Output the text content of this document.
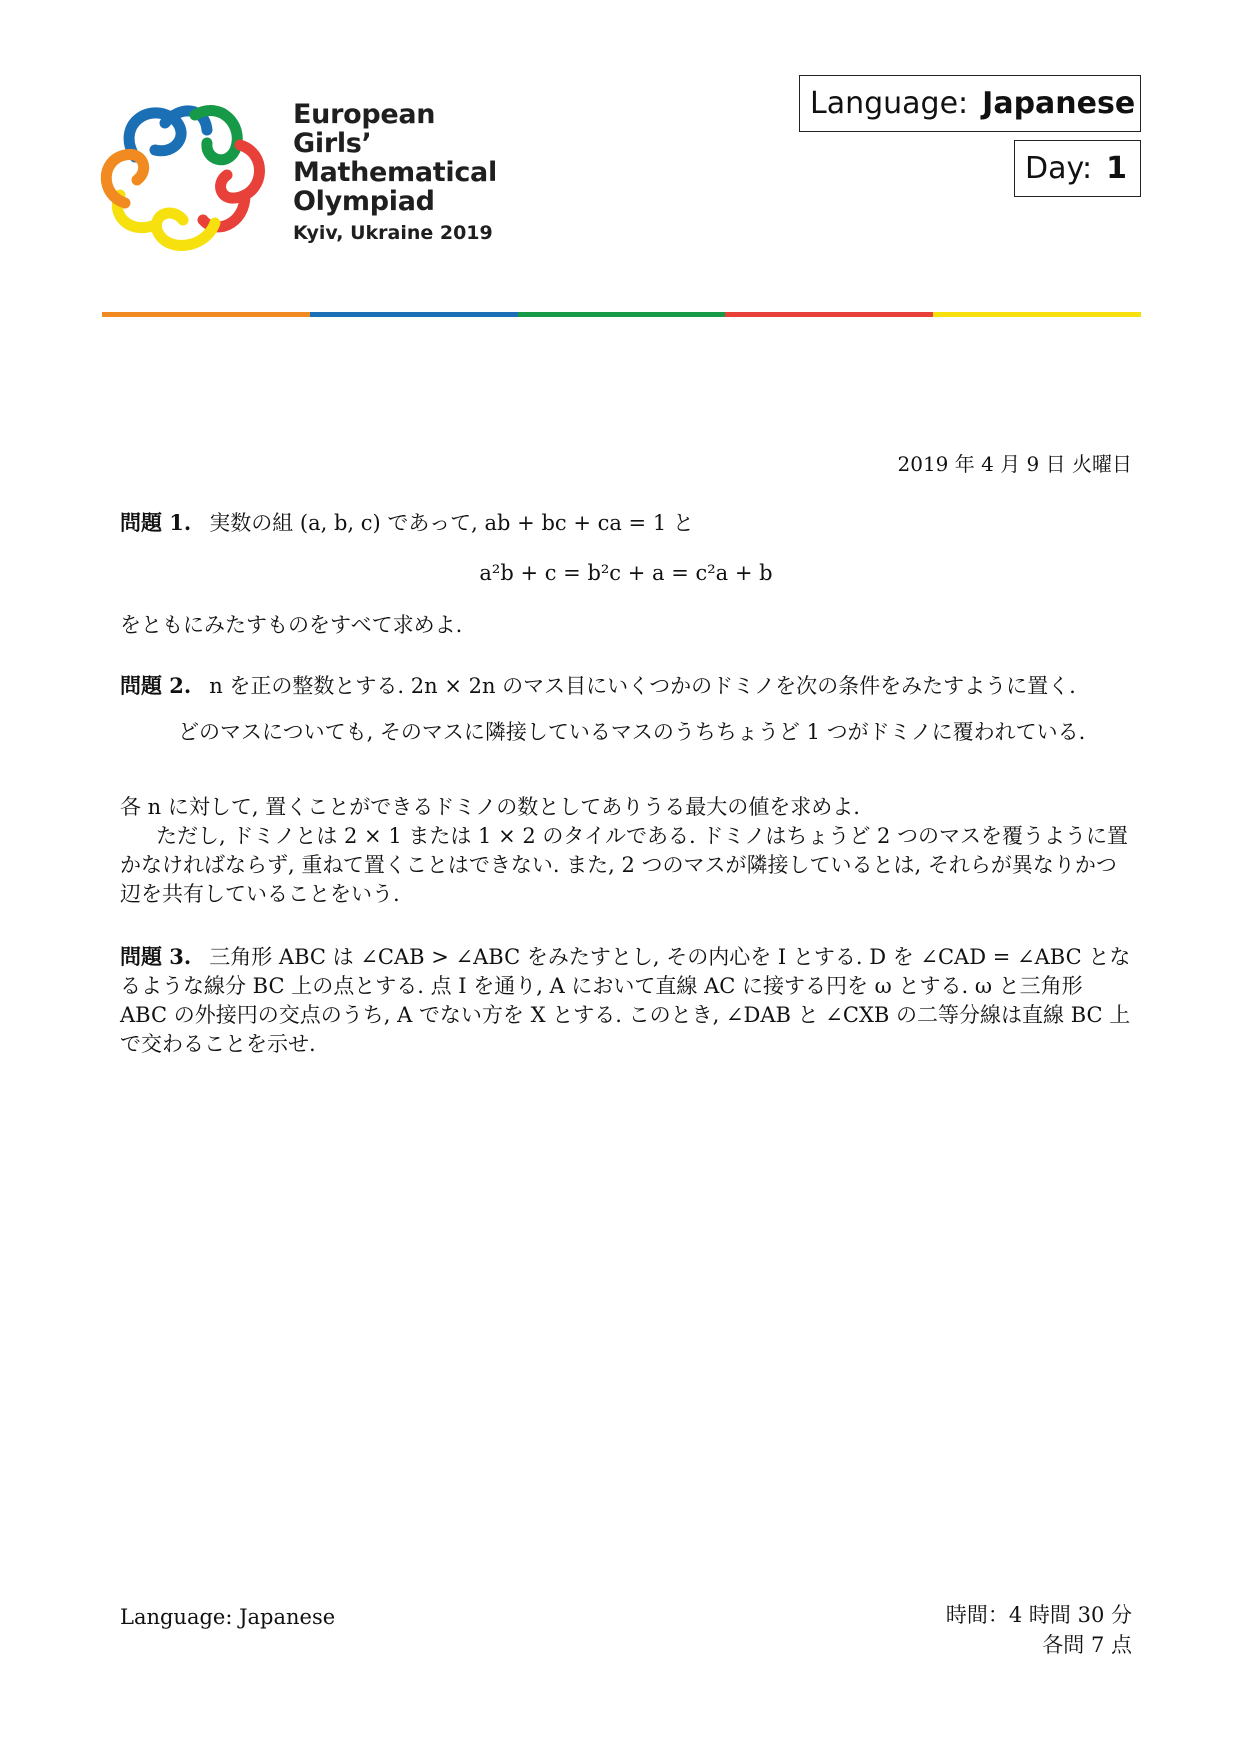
European
Girls’
Mathematical
Olympiad
Kyiv, Ukraine 2019
Language: Japanese
Day: 1
2019 年 4 月 9 日 火曜日
問題 1. 実数の組 (a, b, c) であって, ab + bc + ca = 1 と
a²b + c = b²c + a = c²a + b
をともにみたすものをすべて求めよ.
問題 2. n を正の整数とする. 2n × 2n のマス目にいくつかのドミノを次の条件をみたすように置く.
どのマスについても, そのマスに隣接しているマスのうちちょうど 1 つがドミノに覆われている.
各 n に対して, 置くことができるドミノの数としてありうる最大の値を求めよ.
ただし, ドミノとは 2 × 1 または 1 × 2 のタイルである. ドミノはちょうど 2 つのマスを覆うように置かなければならず, 重ねて置くことはできない. また, 2 つのマスが隣接しているとは, それらが異なりかつ辺を共有していることをいう.
問題 3. 三角形 ABC は ∠CAB > ∠ABC をみたすとし, その内心を I とする. D を ∠CAD = ∠ABC となるような線分 BC 上の点とする. 点 I を通り, A において直線 AC に接する円を ω とする. ω と三角形 ABC の外接円の交点のうち, A でない方を X とする. このとき, ∠DAB と ∠CXB の二等分線は直線 BC 上で交わることを示せ.
Language: Japanese	時間：4 時間 30 分
各問 7 点
